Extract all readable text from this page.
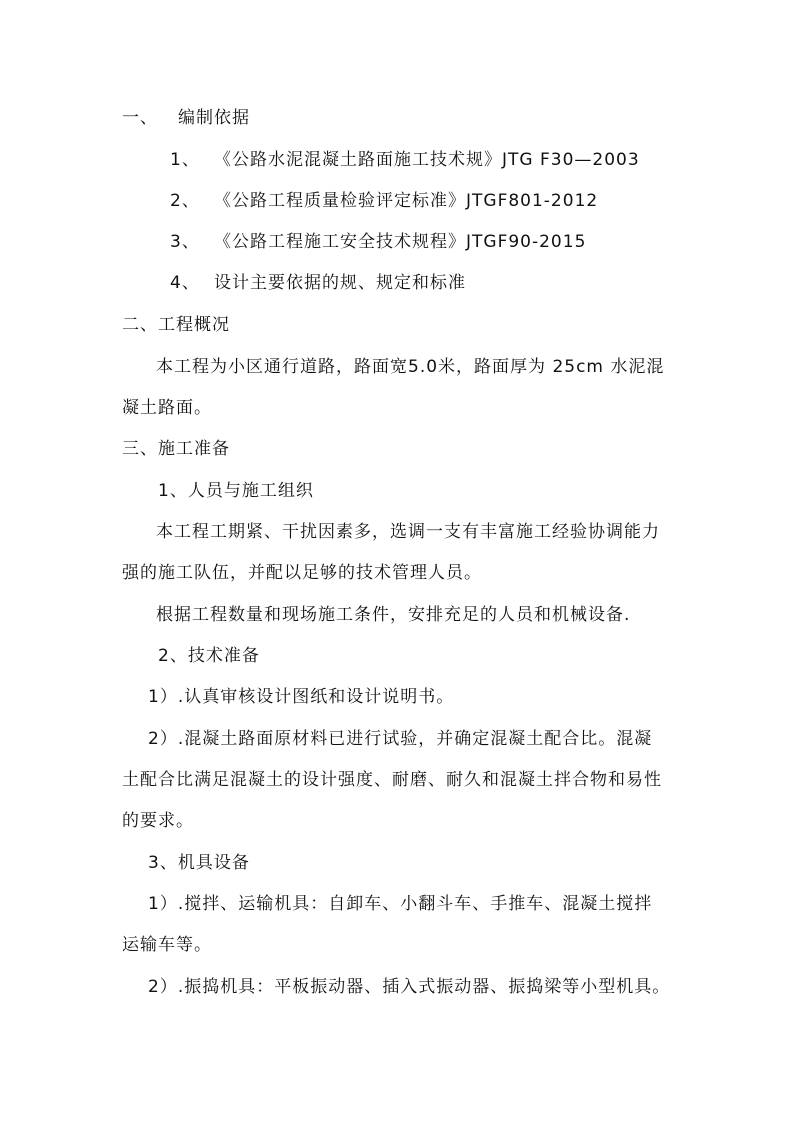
一、 编制依据
1、 《公路水泥混凝土路面施工技术规》JTG F30—2003
2、 《公路工程质量检验评定标准》JTGF801-2012
3、 《公路工程施工安全技术规程》JTGF90-2015
4、 设计主要依据的规、规定和标准
二、工程概况
本工程为小区通行道路，路面宽5.0米，路面厚为 25cm 水泥混
凝土路面。
三、施工准备
1、人员与施工组织
本工程工期紧、干扰因素多，选调一支有丰富施工经验协调能力
强的施工队伍，并配以足够的技术管理人员。
根据工程数量和现场施工条件，安排充足的人员和机械设备.
2、技术准备
1）.认真审核设计图纸和设计说明书。
2）.混凝土路面原材料已进行试验，并确定混凝土配合比。混凝
土配合比满足混凝土的设计强度、耐磨、耐久和混凝土拌合物和易性
的要求。
3、机具设备
1）.搅拌、运输机具：自卸车、小翻斗车、手推车、混凝土搅拌
运输车等。
2）.振捣机具：平板振动器、插入式振动器、振捣梁等小型机具。
